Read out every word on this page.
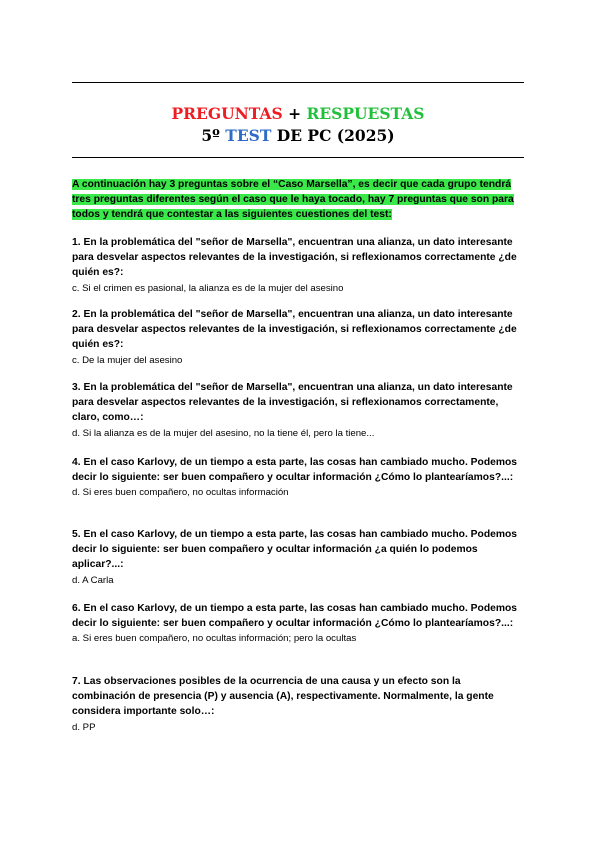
PREGUNTAS + RESPUESTAS
5º TEST DE PC (2025)
A continuación hay 3 preguntas sobre el “Caso Marsella”, es decir que cada grupo tendrá tres preguntas diferentes según el caso que le haya tocado, hay 7 preguntas que son para todos y tendrá que contestar a las siguientes cuestiones del test:

1. En la problemática del "señor de Marsella", encuentran una alianza, un dato interesante para desvelar aspectos relevantes de la investigación, si reflexionamos correctamente ¿de quién es?:

c. Si el crimen es pasional, la alianza es de la mujer del asesino

2. En la problemática del "señor de Marsella", encuentran una alianza, un dato interesante para desvelar aspectos relevantes de la investigación, si reflexionamos correctamente ¿de quién es?:

c. De la mujer del asesino

3. En la problemática del "señor de Marsella", encuentran una alianza, un dato interesante para desvelar aspectos relevantes de la investigación, si reflexionamos correctamente, claro, como…:

d. Si la alianza es de la mujer del asesino, no la tiene él, pero la tiene...

4. En el caso Karlovy, de un tiempo a esta parte, las cosas han cambiado mucho. Podemos decir lo siguiente: ser buen compañero y ocultar información ¿Cómo lo plantearíamos?...:

d. Si eres buen compañero, no ocultas información

5. En el caso Karlovy, de un tiempo a esta parte, las cosas han cambiado mucho. Podemos decir lo siguiente: ser buen compañero y ocultar información ¿a quién lo podemos aplicar?...:

d. A Carla

6. En el caso Karlovy, de un tiempo a esta parte, las cosas han cambiado mucho. Podemos decir lo siguiente: ser buen compañero y ocultar información ¿Cómo lo plantearíamos?...:

a. Si eres buen compañero, no ocultas información; pero la ocultas

7. Las observaciones posibles de la ocurrencia de una causa y un efecto son la combinación de presencia (P) y ausencia (A), respectivamente. Normalmente, la gente considera importante solo…:

d. PP
